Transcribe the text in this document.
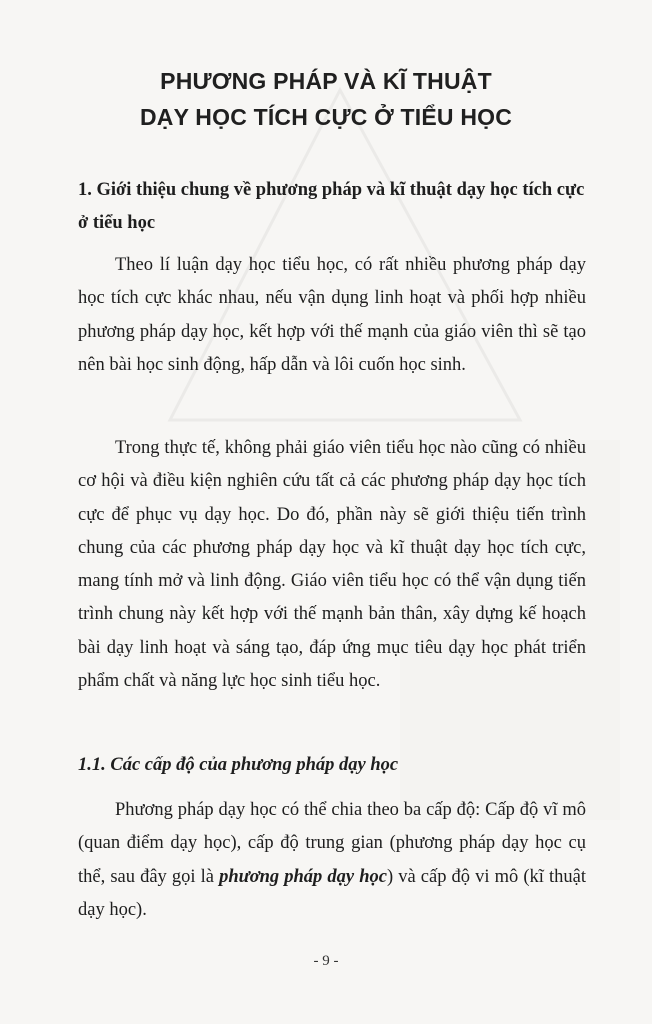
PHƯƠNG PHÁP VÀ KĨ THUẬT
DẠY HỌC TÍCH CỰC Ở TIỂU HỌC
1. Giới thiệu chung về phương pháp và kĩ thuật dạy học tích cực ở tiểu học

Theo lí luận dạy học tiểu học, có rất nhiều phương pháp dạy học tích cực khác nhau, nếu vận dụng linh hoạt và phối hợp nhiều phương pháp dạy học, kết hợp với thế mạnh của giáo viên thì sẽ tạo nên bài học sinh động, hấp dẫn và lôi cuốn học sinh.

Trong thực tế, không phải giáo viên tiểu học nào cũng có nhiều cơ hội và điều kiện nghiên cứu tất cả các phương pháp dạy học tích cực để phục vụ dạy học. Do đó, phần này sẽ giới thiệu tiến trình chung của các phương pháp dạy học và kĩ thuật dạy học tích cực, mang tính mở và linh động. Giáo viên tiểu học có thể vận dụng tiến trình chung này kết hợp với thế mạnh bản thân, xây dựng kế hoạch bài dạy linh hoạt và sáng tạo, đáp ứng mục tiêu dạy học phát triển phẩm chất và năng lực học sinh tiểu học.

1.1. Các cấp độ của phương pháp dạy học

Phương pháp dạy học có thể chia theo ba cấp độ: Cấp độ vĩ mô (quan điểm dạy học), cấp độ trung gian (phương pháp dạy học cụ thể, sau đây gọi là phương pháp dạy học) và cấp độ vi mô (kĩ thuật dạy học).

- 9 -
